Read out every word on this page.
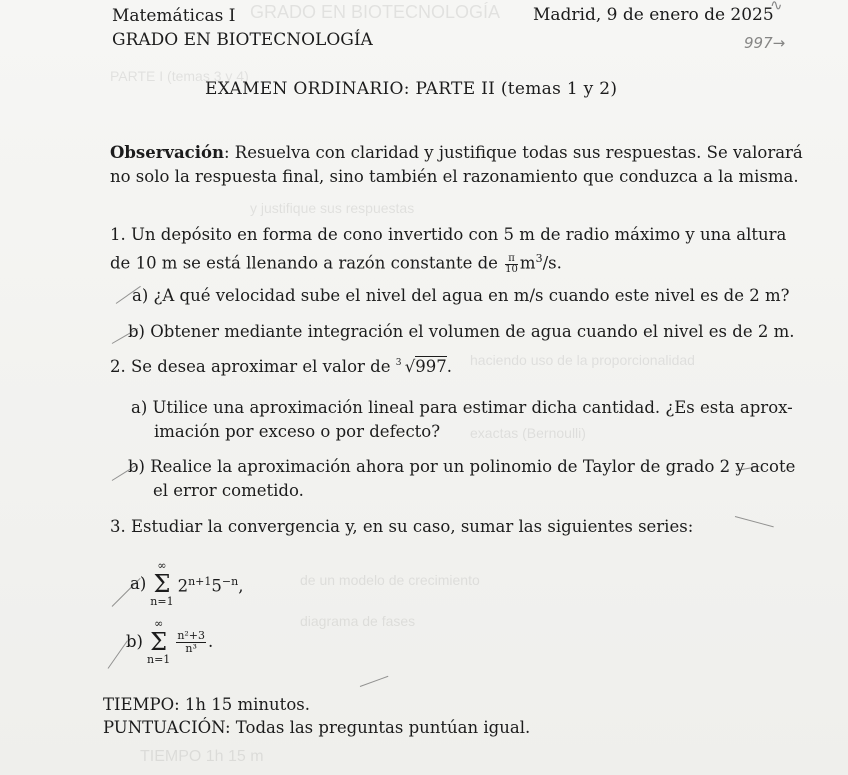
GRADO EN BIOTECNOLOGÍA
PARTE I (temas 3 y 4)
y justifique sus respuestas
haciendo uso de la proporcionalidad
exactas (Bernoulli)
de un modelo de crecimiento
diagrama de fases
TIEMPO 1h 15 m
Matemáticas I
GRADO EN BIOTECNOLOGÍA
Madrid, 9 de enero de 2025
997→
∿
EXAMEN ORDINARIO: PARTE II (temas 1 y 2)
Observación: Resuelva con claridad y justifique todas sus respuestas. Se valorará
no solo la respuesta final, sino también el razonamiento que conduzca a la misma.
1. Un depósito en forma de cono invertido con 5 m de radio máximo y una altura
de 10 m se está llenando a razón constante de $\frac{\pi}{10} m^3/s$.
a) ¿A qué velocidad sube el nivel del agua en m/s cuando este nivel es de 2 m?
b) Obtener mediante integración el volumen de agua cuando el nivel es de 2 m.
2. Se desea aproximar el valor de 3 √997.
a) Utilice una aproximación lineal para estimar dicha cantidad. ¿Es esta aprox-
imación por exceso o por defecto?
b) Realice la aproximación ahora por un polinomio de Taylor de grado 2 y acote
el error cometido.
3. Estudiar la convergencia y, en su caso, sumar las siguientes series:
a)
∞
Σ
n=1
$2^{n+1}5^{-n}$,
b)
∞
Σ
n=1
$\frac{\text{n²+3}}{\text{n³}}$ .
TIEMPO: 1h 15 minutos.
PUNTUACIÓN: Todas las preguntas puntúan igual.
